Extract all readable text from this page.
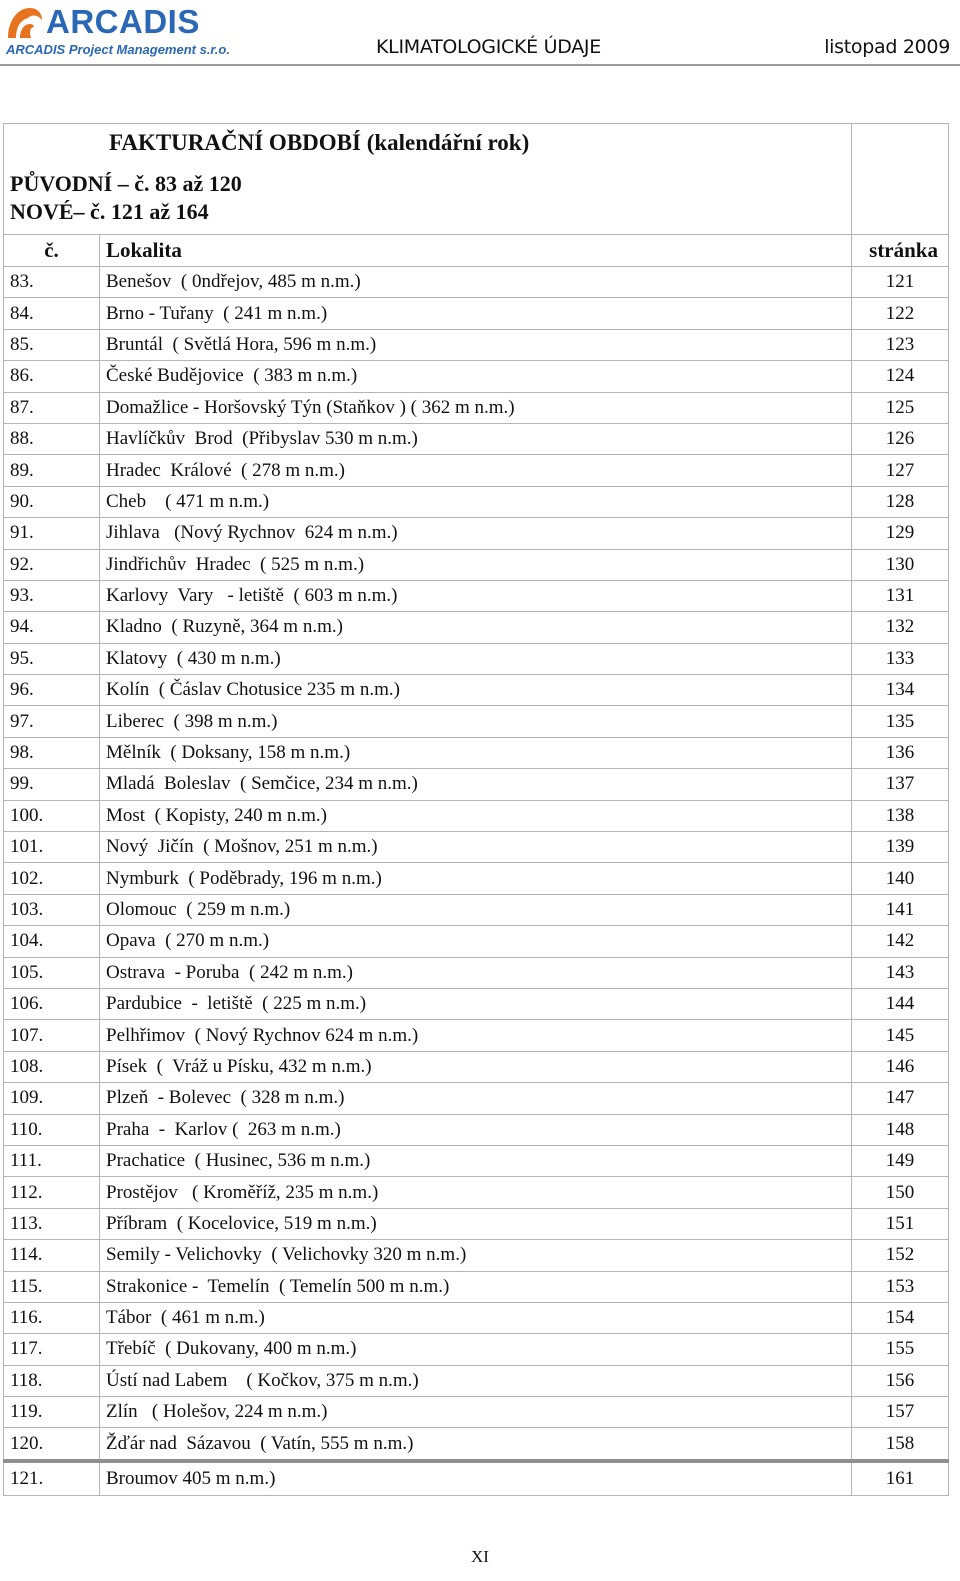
ARCADIS
ARCADIS Project Management s.r.o.	KLIMATOLOGICKÉ ÚDAJE	listopad 2009
FAKTURAČNÍ OBDOBÍ (kalendářní rok)
PŮVODNÍ – č. 83 až 120
NOVÉ– č. 121 až 164		

č.	Lokalita	stránka
83.	Benešov  ( 0ndřejov, 485 m n.m.)	121
84.	Brno - Tuřany  ( 241 m n.m.)	122
85.	Bruntál  ( Světlá Hora, 596 m n.m.)	123
86.	České Budějovice  ( 383 m n.m.)	124
87.	Domažlice - Horšovský Týn (Staňkov ) ( 362 m n.m.)	125
88.	Havlíčkův  Brod  (Přibyslav 530 m n.m.)	126
89.	Hradec  Králové  ( 278 m n.m.)	127
90.	Cheb    ( 471 m n.m.)	128
91.	Jihlava   (Nový Rychnov  624 m n.m.)	129
92.	Jindřichův  Hradec  ( 525 m n.m.)	130
93.	Karlovy  Vary   - letiště  ( 603 m n.m.)	131
94.	Kladno  ( Ruzyně, 364 m n.m.)	132
95.	Klatovy  ( 430 m n.m.)	133
96.	Kolín  ( Čáslav Chotusice 235 m n.m.)	134
97.	Liberec  ( 398 m n.m.)	135
98.	Mělník  ( Doksany, 158 m n.m.)	136
99.	Mladá  Boleslav  ( Semčice, 234 m n.m.)	137
100.	Most  ( Kopisty, 240 m n.m.)	138
101.	Nový  Jičín  ( Mošnov, 251 m n.m.)	139
102.	Nymburk  ( Poděbrady, 196 m n.m.)	140
103.	Olomouc  ( 259 m n.m.)	141
104.	Opava  ( 270 m n.m.)	142
105.	Ostrava  - Poruba  ( 242 m n.m.)	143
106.	Pardubice  -  letiště  ( 225 m n.m.)	144
107.	Pelhřimov  ( Nový Rychnov 624 m n.m.)	145
108.	Písek  (  Vráž u Písku, 432 m n.m.)	146
109.	Plzeň  - Bolevec  ( 328 m n.m.)	147
110.	Praha  -  Karlov (  263 m n.m.)	148
111.	Prachatice  ( Husinec, 536 m n.m.)	149
112.	Prostějov   ( Kroměříž, 235 m n.m.)	150
113.	Příbram  ( Kocelovice, 519 m n.m.)	151
114.	Semily - Velichovky  ( Velichovky 320 m n.m.)	152
115.	Strakonice -  Temelín  ( Temelín 500 m n.m.)	153
116.	Tábor  ( 461 m n.m.)	154
117.	Třebíč  ( Dukovany, 400 m n.m.)	155
118.	Ústí nad Labem    ( Kočkov, 375 m n.m.)	156
119.	Zlín   ( Holešov, 224 m n.m.)	157
120.	Žďár nad  Sázavou  ( Vatín, 555 m n.m.)	158
121.	Broumov 405 m n.m.)	161
XI
